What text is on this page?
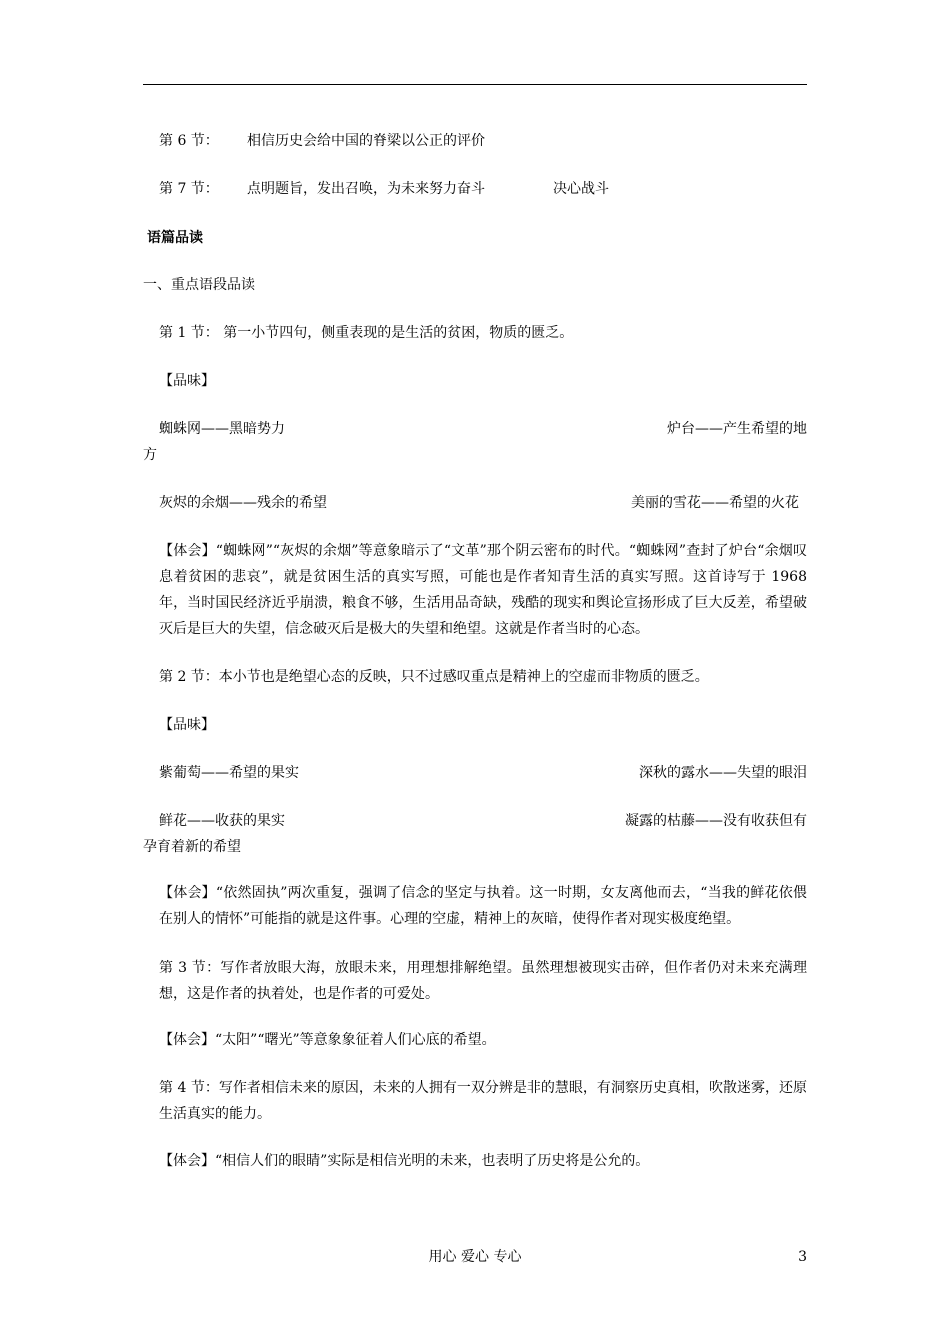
第 6 节： 相信历史会给中国的脊梁以公正的评价
第 7 节： 点明题旨，发出召唤，为未来努力奋斗	决心战斗
语篇品读
一、重点语段品读
第 1 节： 第一小节四句，侧重表现的是生活的贫困，物质的匮乏。
【品味】
蜘蛛网——黑暗势力	炉台——产生希望的地
方
灰烬的余烟——残余的希望	美丽的雪花——希望的火花
【体会】“蜘蛛网”“灰烬的余烟”等意象暗示了“文革”那个阴云密布的时代。“蜘蛛网”查封了炉台“余烟叹息着贫困的悲哀”，就是贫困生活的真实写照，可能也是作者知青生活的真实写照。这首诗写于 1968 年，当时国民经济近乎崩溃，粮食不够，生活用品奇缺，残酷的现实和舆论宣扬形成了巨大反差，希望破灭后是巨大的失望，信念破灭后是极大的失望和绝望。这就是作者当时的心态。
第 2 节：本小节也是绝望心态的反映，只不过感叹重点是精神上的空虚而非物质的匮乏。
【品味】
紫葡萄——希望的果实	深秋的露水——失望的眼泪
鲜花——收获的果实	凝露的枯藤——没有收获但有
孕育着新的希望
【体会】“依然固执”两次重复，强调了信念的坚定与执着。这一时期，女友离他而去，“当我的鲜花依偎在别人的情怀”可能指的就是这件事。心理的空虚，精神上的灰暗，使得作者对现实极度绝望。
第 3 节：写作者放眼大海，放眼未来，用理想排解绝望。虽然理想被现实击碎，但作者仍对未来充满理想，这是作者的执着处，也是作者的可爱处。
【体会】“太阳”“曙光”等意象象征着人们心底的希望。
第 4 节：写作者相信未来的原因，未来的人拥有一双分辨是非的慧眼，有洞察历史真相，吹散迷雾，还原生活真实的能力。
【体会】“相信人们的眼睛”实际是相信光明的未来，也表明了历史将是公允的。
用心 爱心 专心	3
